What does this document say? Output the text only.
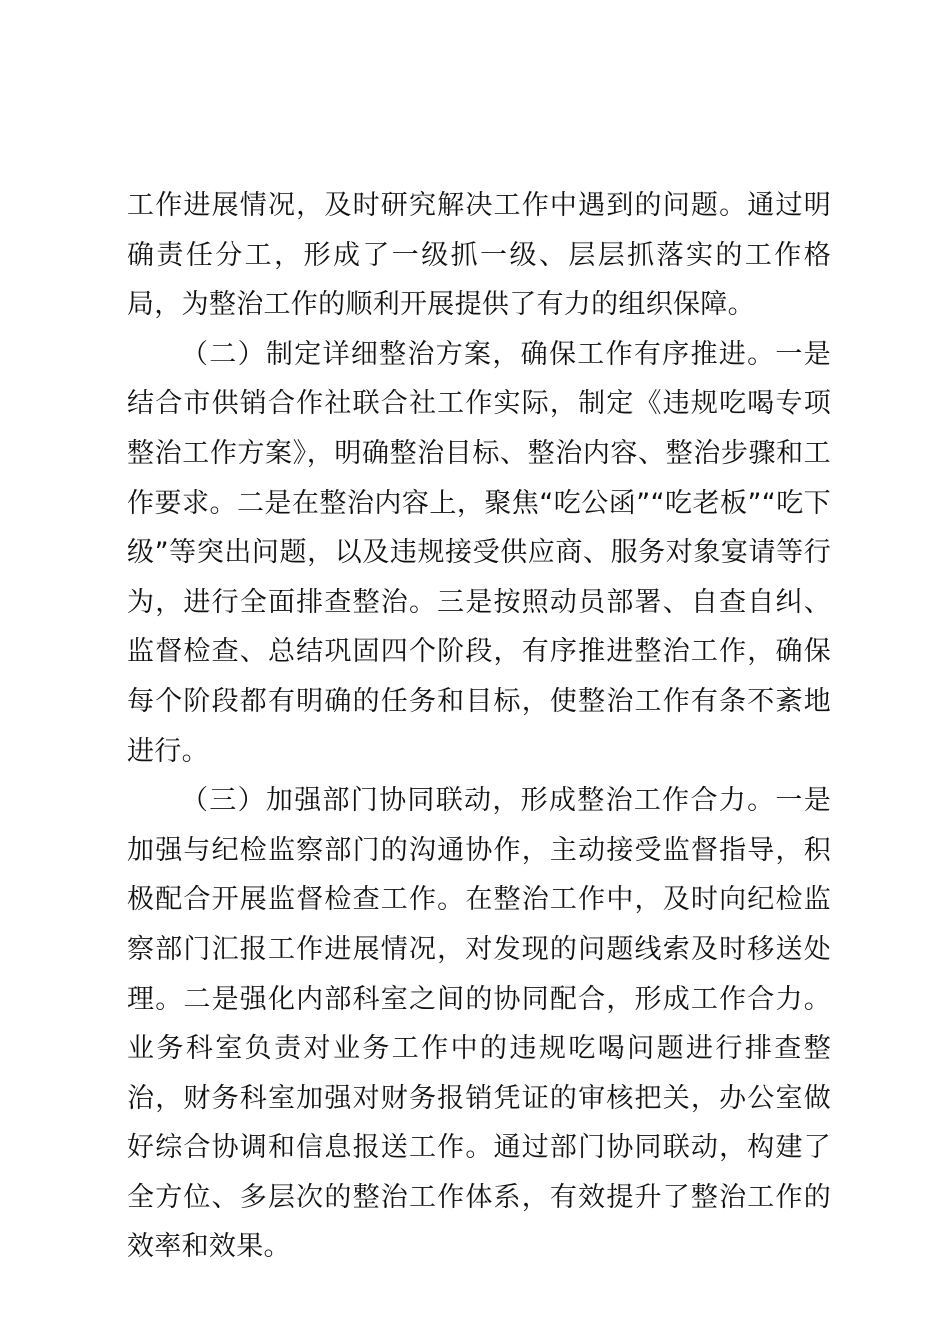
工作进展情况，及时研究解决工作中遇到的问题。通过明确责任分工，形成了一级抓一级、层层抓落实的工作格局，为整治工作的顺利开展提供了有力的组织保障。

（二）制定详细整治方案，确保工作有序推进。一是结合市供销合作社联合社工作实际，制定《违规吃喝专项整治工作方案》，明确整治目标、整治内容、整治步骤和工作要求。二是在整治内容上，聚焦“吃公函”“吃老板”“吃下级”等突出问题，以及违规接受供应商、服务对象宴请等行为，进行全面排查整治。三是按照动员部署、自查自纠、监督检查、总结巩固四个阶段，有序推进整治工作，确保每个阶段都有明确的任务和目标，使整治工作有条不紊地进行。

（三）加强部门协同联动，形成整治工作合力。一是加强与纪检监察部门的沟通协作，主动接受监督指导，积极配合开展监督检查工作。在整治工作中，及时向纪检监察部门汇报工作进展情况，对发现的问题线索及时移送处理。二是强化内部科室之间的协同配合，形成工作合力。业务科室负责对业务工作中的违规吃喝问题进行排查整治，财务科室加强对财务报销凭证的审核把关，办公室做好综合协调和信息报送工作。通过部门协同联动，构建了全方位、多层次的整治工作体系，有效提升了整治工作的效率和效果。
